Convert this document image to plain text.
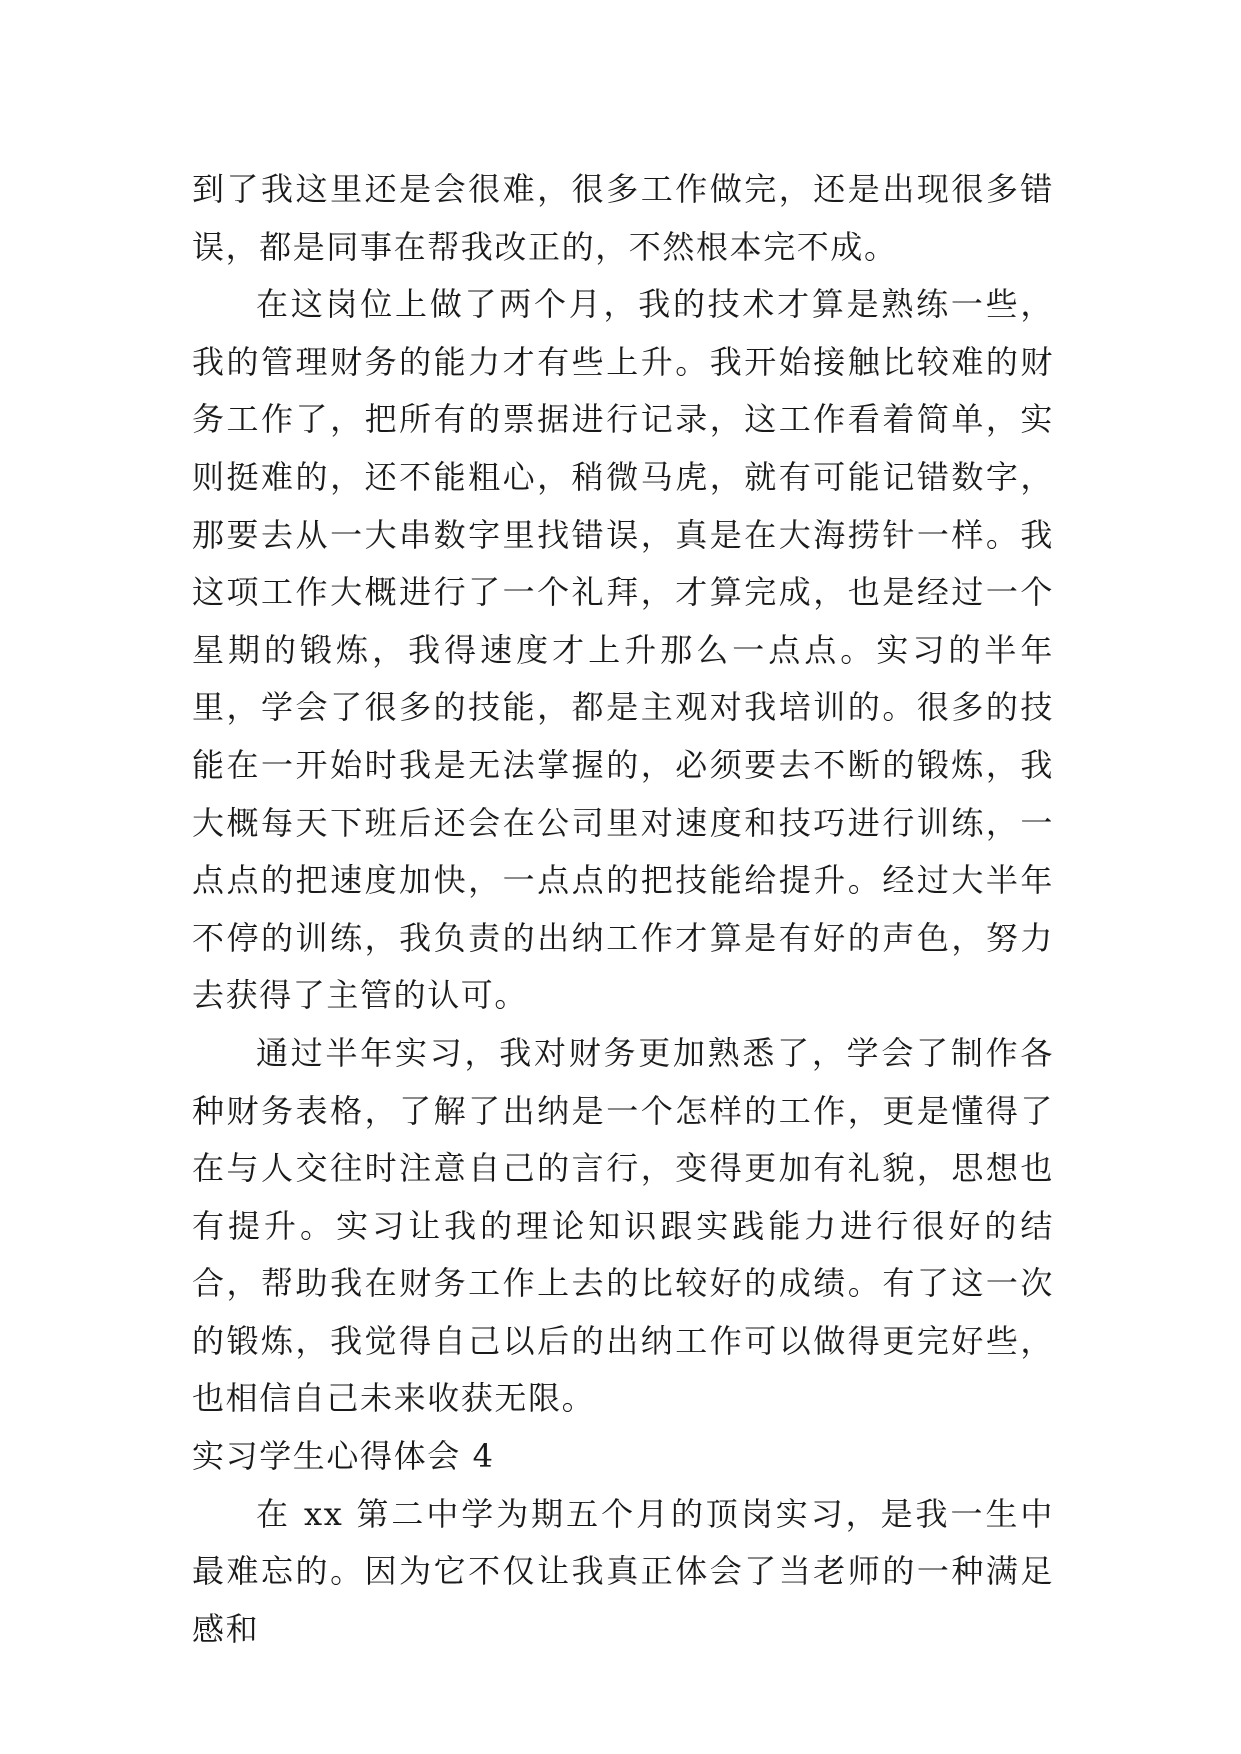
到了我这里还是会很难，很多工作做完，还是出现很多错误，都是同事在帮我改正的，不然根本完不成。

在这岗位上做了两个月，我的技术才算是熟练一些，我的管理财务的能力才有些上升。我开始接触比较难的财务工作了，把所有的票据进行记录，这工作看着简单，实则挺难的，还不能粗心，稍微马虎，就有可能记错数字，那要去从一大串数字里找错误，真是在大海捞针一样。我这项工作大概进行了一个礼拜，才算完成，也是经过一个星期的锻炼，我得速度才上升那么一点点。实习的半年里，学会了很多的技能，都是主观对我培训的。很多的技能在一开始时我是无法掌握的，必须要去不断的锻炼，我大概每天下班后还会在公司里对速度和技巧进行训练，一点点的把速度加快，一点点的把技能给提升。经过大半年不停的训练，我负责的出纳工作才算是有好的声色，努力去获得了主管的认可。

通过半年实习，我对财务更加熟悉了，学会了制作各种财务表格，了解了出纳是一个怎样的工作，更是懂得了在与人交往时注意自己的言行，变得更加有礼貌，思想也有提升。实习让我的理论知识跟实践能力进行很好的结合，帮助我在财务工作上去的比较好的成绩。有了这一次的锻炼，我觉得自己以后的出纳工作可以做得更完好些，也相信自己未来收获无限。

实习学生心得体会 4

在 xx 第二中学为期五个月的顶岗实习，是我一生中最难忘的。因为它不仅让我真正体会了当老师的一种满足感和
